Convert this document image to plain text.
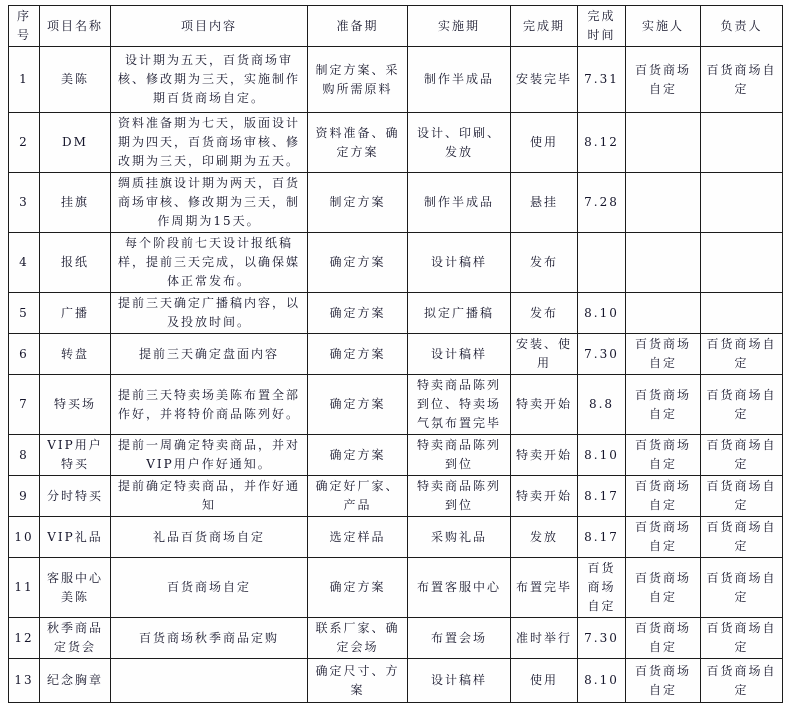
序号	项目名称	项目内容	准备期	实施期	完成期	完成时间	实施人	负责人
1	美陈	设计期为五天，百货商场审核、修改期为三天，实施制作期百货商场自定。	制定方案、采购所需原料	制作半成品	安装完毕	7.31	百货商场自定	百货商场自定
2	DM	资料准备期为七天，版面设计期为四天，百货商场审核、修改期为三天，印刷期为五天。	资料准备、确定方案	设计、印刷、发放	使用	8.12		
3	挂旗	绸质挂旗设计期为两天，百货商场审核、修改期为三天，制作周期为15天。	制定方案	制作半成品	悬挂	7.28		
4	报纸	每个阶段前七天设计报纸稿样，提前三天完成，以确保媒体正常发布。	确定方案	设计稿样	发布			
5	广播	提前三天确定广播稿内容，以及投放时间。	确定方案	拟定广播稿	发布	8.10		
6	转盘	提前三天确定盘面内容	确定方案	设计稿样	安装、使用	7.30	百货商场自定	百货商场自定
7	特买场	提前三天特卖场美陈布置全部作好，并将特价商品陈列好。	确定方案	特卖商品陈列到位、特卖场气氛布置完毕	特卖开始	8.8	百货商场自定	百货商场自定
8	VIP用户特买	提前一周确定特卖商品，并对VIP用户作好通知。	确定方案	特卖商品陈列到位	特卖开始	8.10	百货商场自定	百货商场自定
9	分时特买	提前确定特卖商品，并作好通知	确定好厂家、产品	特卖商品陈列到位	特卖开始	8.17	百货商场自定	百货商场自定
10	VIP礼品	礼品百货商场自定	选定样品	采购礼品	发放	8.17	百货商场自定	百货商场自定
11	客服中心美陈	百货商场自定	确定方案	布置客服中心	布置完毕	百货商场自定	百货商场自定	百货商场自定
12	秋季商品定货会	百货商场秋季商品定购	联系厂家、确定会场	布置会场	准时举行	7.30	百货商场自定	百货商场自定
13	纪念胸章		确定尺寸、方案	设计稿样	使用	8.10	百货商场自定	百货商场自定
